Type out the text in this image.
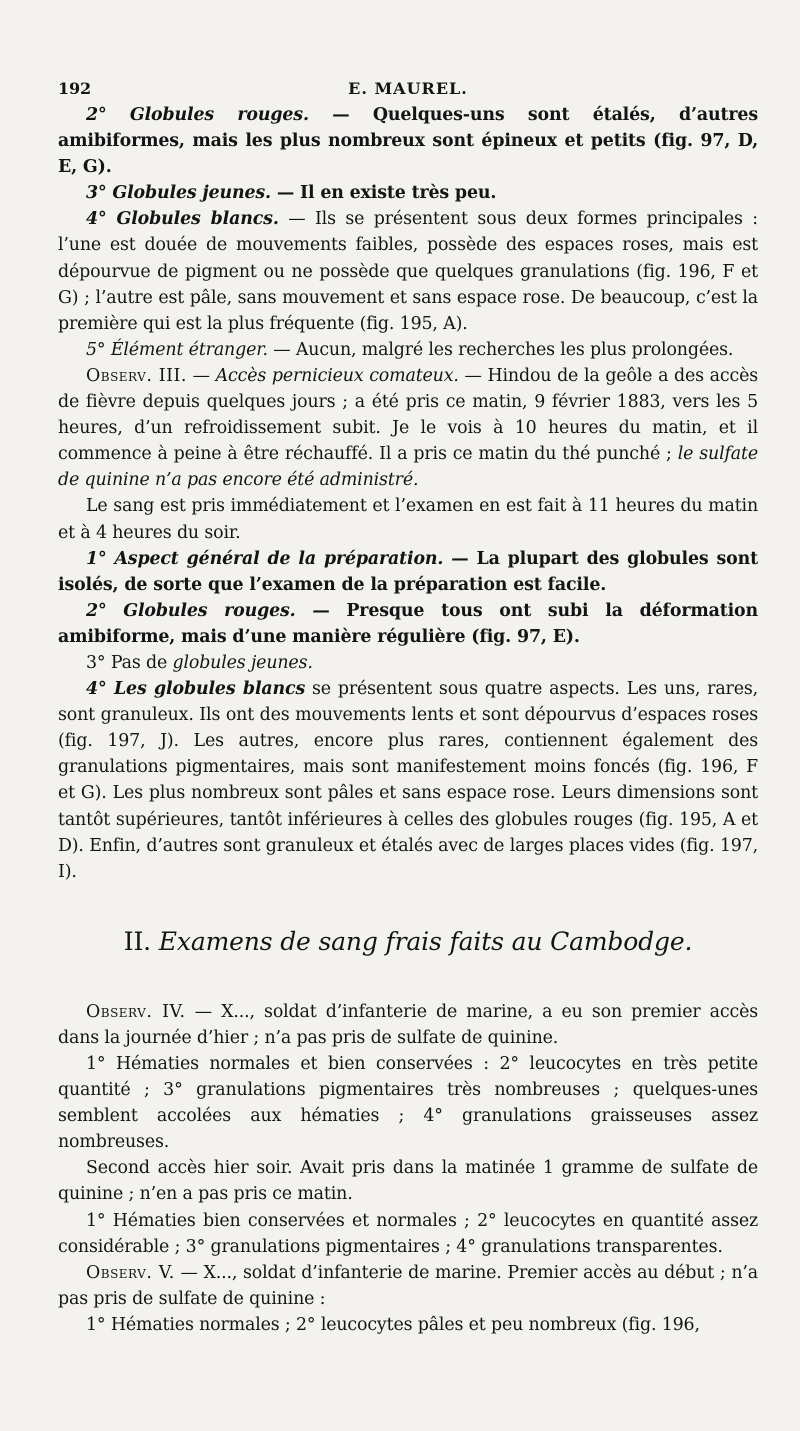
192	E. MAUREL.

2° Globules rouges. — Quelques-uns sont étalés, d’autres amibiformes, mais les plus nombreux sont épineux et petits (fig. 97, D, E, G).

3° Globules jeunes. — Il en existe très peu.

4° Globules blancs. — Ils se présentent sous deux formes principales : l’une est douée de mouvements faibles, possède des espaces roses, mais est dépourvue de pigment ou ne possède que quelques granulations (fig. 196, F et G) ; l’autre est pâle, sans mouvement et sans espace rose. De beaucoup, c’est la première qui est la plus fréquente (fig. 195, A).

5° Élément étranger. — Aucun, malgré les recherches les plus prolongées.

Observ. III. — Accès pernicieux comateux. — Hindou de la geôle a des accès de fièvre depuis quelques jours ; a été pris ce matin, 9 février 1883, vers les 5 heures, d’un refroidissement subit. Je le vois à 10 heures du matin, et il commence à peine à être réchauffé. Il a pris ce matin du thé punché ; le sulfate de quinine n’a pas encore été administré.

Le sang est pris immédiatement et l’examen en est fait à 11 heures du matin et à 4 heures du soir.

1° Aspect général de la préparation. — La plupart des globules sont isolés, de sorte que l’examen de la préparation est facile.

2° Globules rouges. — Presque tous ont subi la déformation amibiforme, mais d’une manière régulière (fig. 97, E).

3° Pas de globules jeunes.

4° Les globules blancs se présentent sous quatre aspects. Les uns, rares, sont granuleux. Ils ont des mouvements lents et sont dépourvus d’espaces roses (fig. 197, J). Les autres, encore plus rares, contiennent également des granulations pigmentaires, mais sont manifestement moins foncés (fig. 196, F et G). Les plus nombreux sont pâles et sans espace rose. Leurs dimensions sont tantôt supérieures, tantôt inférieures à celles des globules rouges (fig. 195, A et D). Enfin, d’autres sont granuleux et étalés avec de larges places vides (fig. 197, I).

II. Examens de sang frais faits au Cambodge.

Observ. IV. — X..., soldat d’infanterie de marine, a eu son premier accès dans la journée d’hier ; n’a pas pris de sulfate de quinine.

1° Hématies normales et bien conservées : 2° leucocytes en très petite quantité ; 3° granulations pigmentaires très nombreuses ; quelques-unes semblent accolées aux hématies ; 4° granulations graisseuses assez nombreuses.

Second accès hier soir. Avait pris dans la matinée 1 gramme de sulfate de quinine ; n’en a pas pris ce matin.

1° Hématies bien conservées et normales ; 2° leucocytes en quantité assez considérable ; 3° granulations pigmentaires ; 4° granulations transparentes.

Observ. V. — X..., soldat d’infanterie de marine. Premier accès au début ; n’a pas pris de sulfate de quinine :

1° Hématies normales ; 2° leucocytes pâles et peu nombreux (fig. 196,
